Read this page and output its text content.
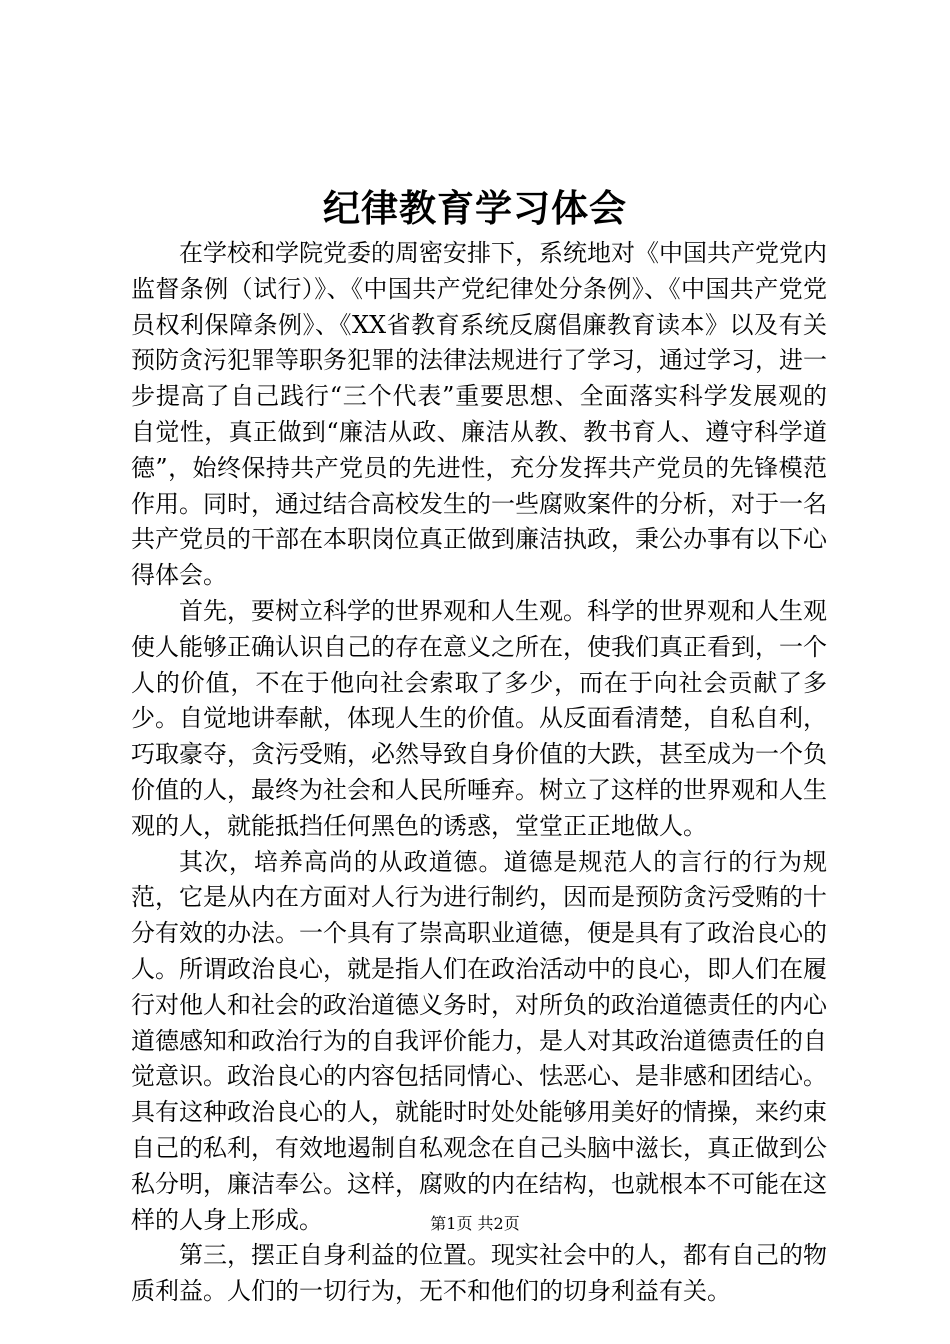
纪律教育学习体会

在学校和学院党委的周密安排下，系统地对《中国共产党党内监督条例（试行）》、《中国共产党纪律处分条例》、《中国共产党党员权利保障条例》、《XX省教育系统反腐倡廉教育读本》以及有关预防贪污犯罪等职务犯罪的法律法规进行了学习，通过学习，进一步提高了自己践行“三个代表”重要思想、全面落实科学发展观的自觉性，真正做到“廉洁从政、廉洁从教、教书育人、遵守科学道德”，始终保持共产党员的先进性，充分发挥共产党员的先锋模范作用。同时，通过结合高校发生的一些腐败案件的分析，对于一名共产党员的干部在本职岗位真正做到廉洁执政，秉公办事有以下心得体会。

首先，要树立科学的世界观和人生观。科学的世界观和人生观使人能够正确认识自己的存在意义之所在，使我们真正看到，一个人的价值，不在于他向社会索取了多少，而在于向社会贡献了多少。自觉地讲奉献，体现人生的价值。从反面看清楚，自私自利，巧取豪夺，贪污受贿，必然导致自身价值的大跌，甚至成为一个负价值的人，最终为社会和人民所唾弃。树立了这样的世界观和人生观的人，就能抵挡任何黑色的诱惑，堂堂正正地做人。

其次，培养高尚的从政道德。道德是规范人的言行的行为规范，它是从内在方面对人行为进行制约，因而是预防贪污受贿的十分有效的办法。一个具有了崇高职业道德，便是具有了政治良心的人。所谓政治良心，就是指人们在政治活动中的良心，即人们在履行对他人和社会的政治道德义务时，对所负的政治道德责任的内心道德感知和政治行为的自我评价能力，是人对其政治道德责任的自觉意识。政治良心的内容包括同情心、怯恶心、是非感和团结心。具有这种政治良心的人，就能时时处处能够用美好的情操，来约束自己的私利，有效地遏制自私观念在自己头脑中滋长，真正做到公私分明，廉洁奉公。这样，腐败的内在结构，也就根本不可能在这样的人身上形成。

第三，摆正自身利益的位置。现实社会中的人，都有自己的物质利益。人们的一切行为，无不和他们的切身利益有关。

第1页 共2页
